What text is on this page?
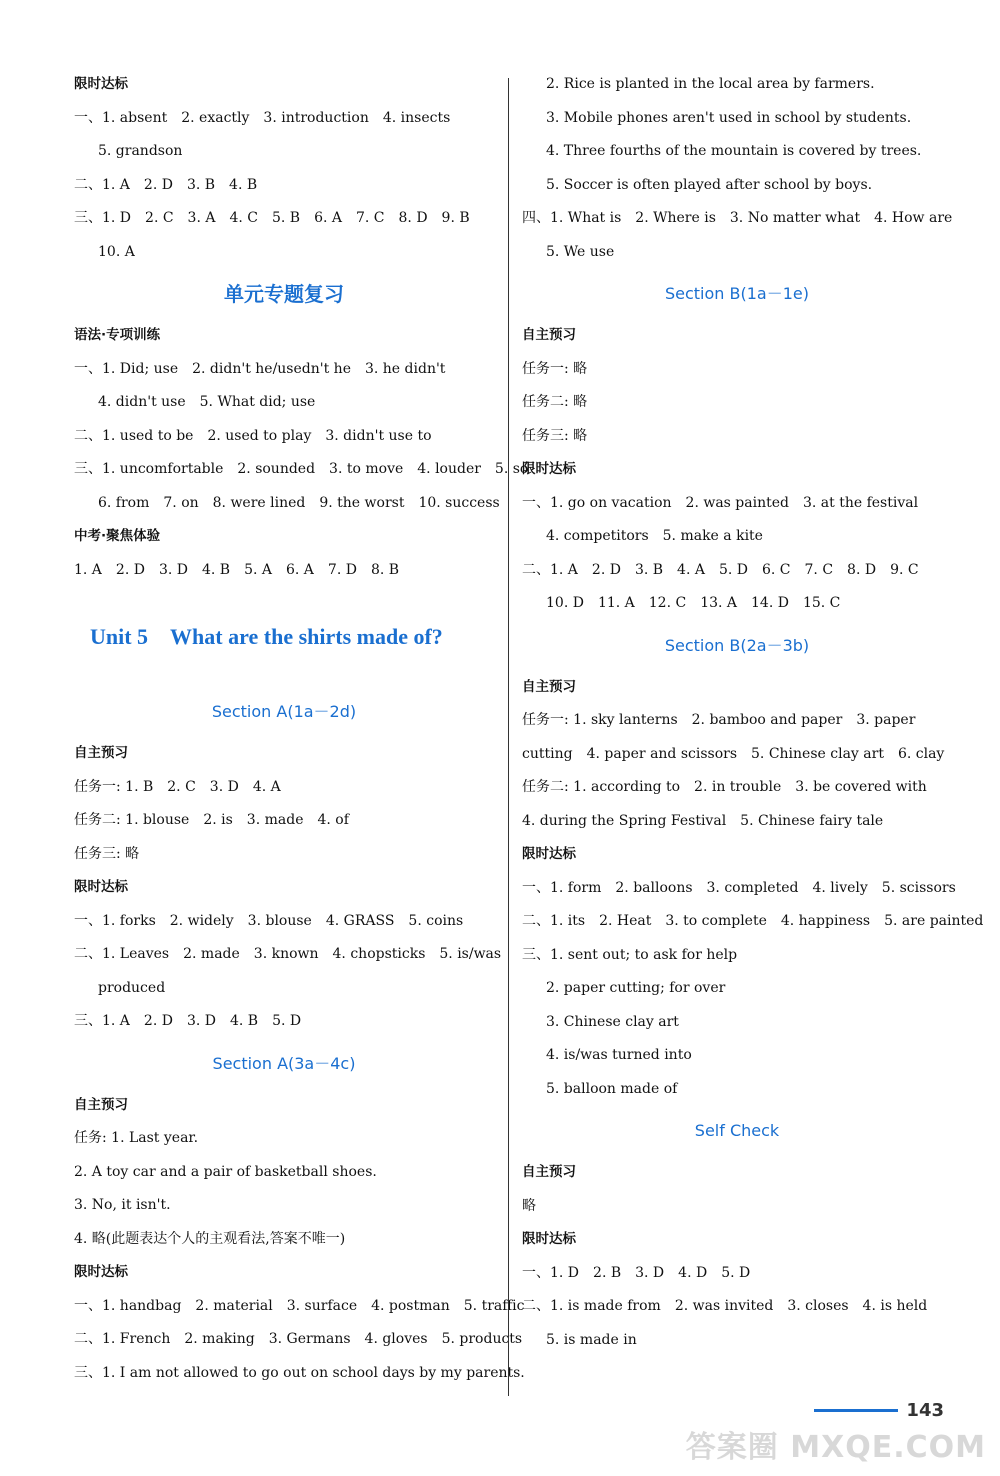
限时达标
一、1. absent　2. exactly　3. introduction　4. insects
5. grandson
二、1. A　2. D　3. B　4. B
三、1. D　2. C　3. A　4. C　5. B　6. A　7. C　8. D　9. B
10. A
单元专题复习
语法·专项训练
一、1. Did; use　2. didn't he/usedn't he　3. he didn't
4. didn't use　5. What did; use
二、1. used to be　2. used to play　3. didn't use to
三、1. uncomfortable　2. sounded　3. to move　4. louder　5. so
6. from　7. on　8. were lined　9. the worst　10. success
中考·聚焦体验
1. A　2. D　3. D　4. B　5. A　6. A　7. D　8. B
Unit 5　What are the shirts made of?
Section A(1a－2d)
自主预习
任务一: 1. B　2. C　3. D　4. A
任务二: 1. blouse　2. is　3. made　4. of
任务三: 略
限时达标
一、1. forks　2. widely　3. blouse　4. GRASS　5. coins
二、1. Leaves　2. made　3. known　4. chopsticks　5. is/was
produced
三、1. A　2. D　3. D　4. B　5. D
Section A(3a－4c)
自主预习
任务: 1. Last year.
2. A toy car and a pair of basketball shoes.
3. No, it isn't.
4. 略(此题表达个人的主观看法,答案不唯一)
限时达标
一、1. handbag　2. material　3. surface　4. postman　5. traffic
二、1. French　2. making　3. Germans　4. gloves　5. products
三、1. I am not allowed to go out on school days by my parents.
2. Rice is planted in the local area by farmers.
3. Mobile phones aren't used in school by students.
4. Three fourths of the mountain is covered by trees.
5. Soccer is often played after school by boys.
四、1. What is　2. Where is　3. No matter what　4. How are
5. We use
Section B(1a－1e)
自主预习
任务一: 略
任务二: 略
任务三: 略
限时达标
一、1. go on vacation　2. was painted　3. at the festival
4. competitors　5. make a kite
二、1. A　2. D　3. B　4. A　5. D　6. C　7. C　8. D　9. C
10. D　11. A　12. C　13. A　14. D　15. C
Section B(2a－3b)
自主预习
任务一: 1. sky lanterns　2. bamboo and paper　3. paper
cutting　4. paper and scissors　5. Chinese clay art　6. clay
任务二: 1. according to　2. in trouble　3. be covered with
4. during the Spring Festival　5. Chinese fairy tale
限时达标
一、1. form　2. balloons　3. completed　4. lively　5. scissors
二、1. its　2. Heat　3. to complete　4. happiness　5. are painted
三、1. sent out; to ask for help
2. paper cutting; for over
3. Chinese clay art
4. is/was turned into
5. balloon made of
Self Check
自主预习
略
限时达标
一、1. D　2. B　3. D　4. D　5. D
二、1. is made from　2. was invited　3. closes　4. is held
5. is made in
143
答案圈 MXQE.COM
